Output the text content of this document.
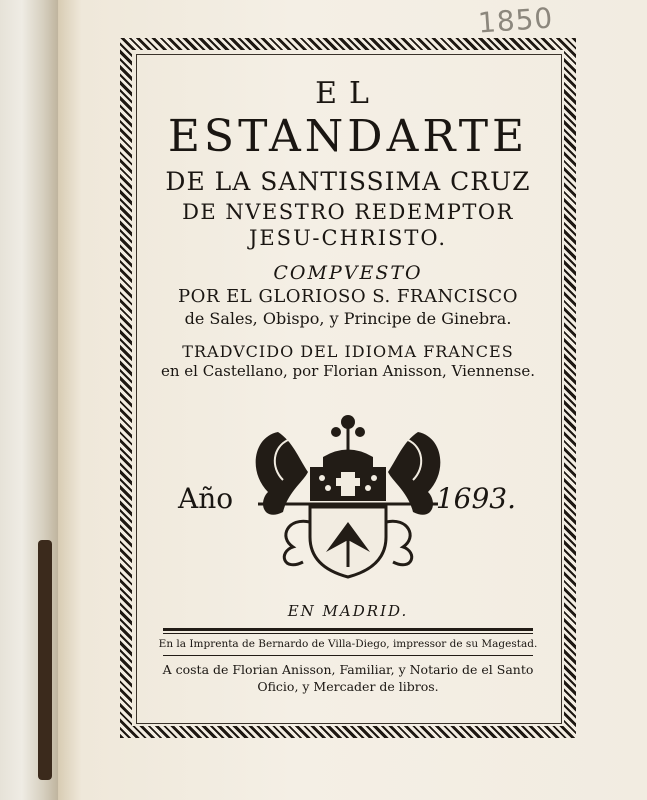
1850
EL
ESTANDARTE
DE LA SANTISSIMA CRUZ
DE NVESTRO REDEMPTOR
JESU-CHRISTO.
COMPVESTO
POR EL GLORIOSO S. FRANCISCO
de Sales, Obispo, y Principe de Ginebra.
TRADVCIDO DEL IDIOMA FRANCES
en el Castellano, por Florian Anisson, Viennense.
Año	1693.
EN MADRID.
En la Imprenta de Bernardo de Villa-Diego, impressor de su Magestad.
A costa de Florian Anisson, Familiar, y Notario de el Santo
Oficio, y Mercader de libros.
